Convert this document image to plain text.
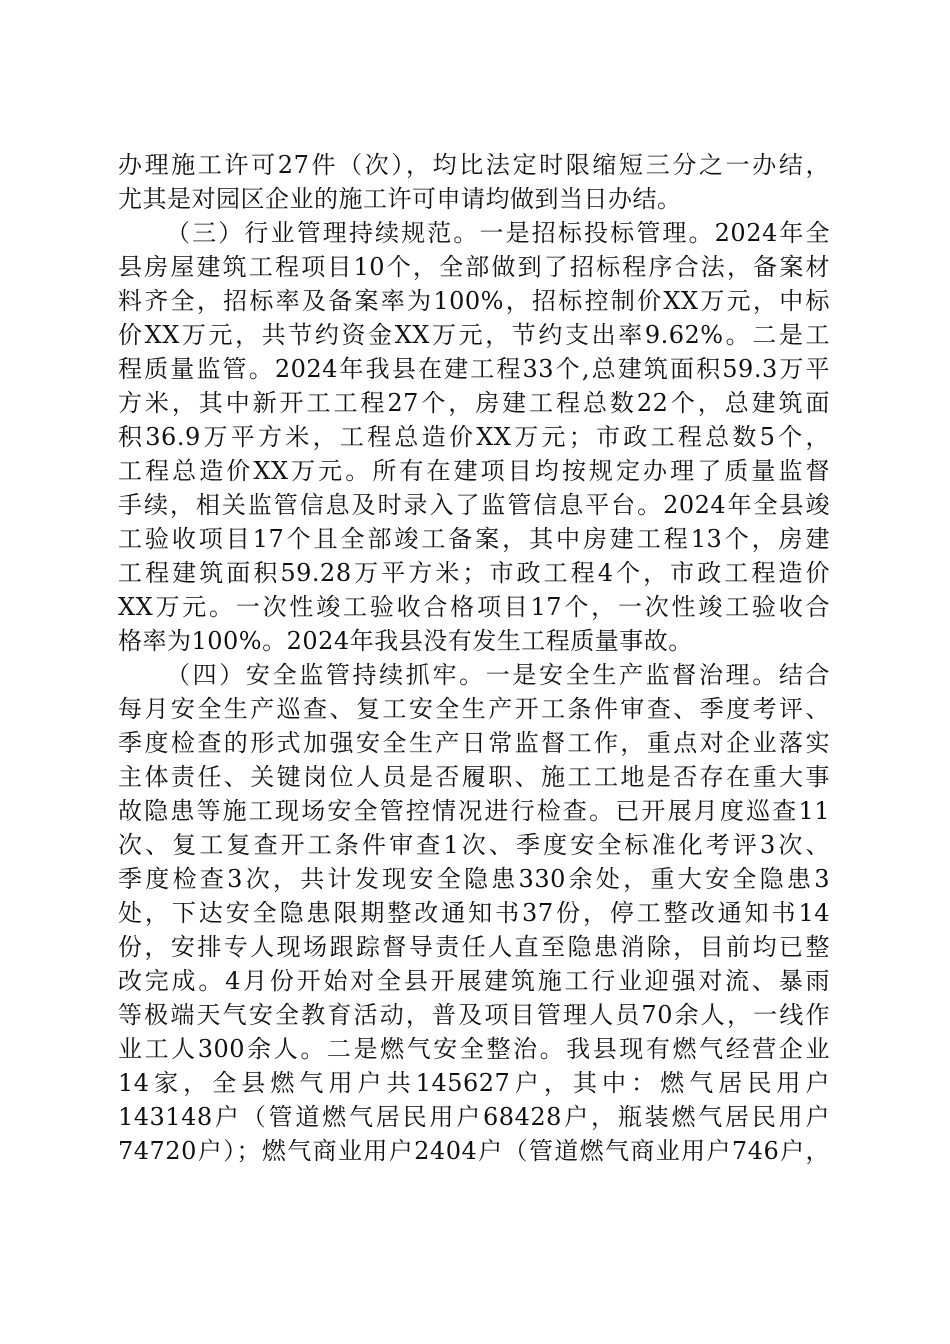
办理施工许可27件（次），均比法定时限缩短三分之一办结，
尤其是对园区企业的施工许可申请均做到当日办结。
（三）行业管理持续规范。一是招标投标管理。2024年全
县房屋建筑工程项目10个，全部做到了招标程序合法，备案材
料齐全，招标率及备案率为100%，招标控制价XX万元，中标
价XX万元，共节约资金XX万元，节约支出率9.62%。二是工
程质量监管。2024年我县在建工程33个,总建筑面积59.3万平
方米，其中新开工工程27个，房建工程总数22个，总建筑面
积36.9万平方米，工程总造价XX万元；市政工程总数5个，
工程总造价XX万元。所有在建项目均按规定办理了质量监督
手续，相关监管信息及时录入了监管信息平台。2024年全县竣
工验收项目17个且全部竣工备案，其中房建工程13个，房建
工程建筑面积59.28万平方米；市政工程4个，市政工程造价
XX万元。一次性竣工验收合格项目17个，一次性竣工验收合
格率为100%。2024年我县没有发生工程质量事故。
（四）安全监管持续抓牢。一是安全生产监督治理。结合
每月安全生产巡查、复工安全生产开工条件审查、季度考评、
季度检查的形式加强安全生产日常监督工作，重点对企业落实
主体责任、关键岗位人员是否履职、施工工地是否存在重大事
故隐患等施工现场安全管控情况进行检查。已开展月度巡查11
次、复工复查开工条件审查1次、季度安全标准化考评3次、
季度检查3次，共计发现安全隐患330余处，重大安全隐患3
处，下达安全隐患限期整改通知书37份，停工整改通知书14
份，安排专人现场跟踪督导责任人直至隐患消除，目前均已整
改完成。4月份开始对全县开展建筑施工行业迎强对流、暴雨
等极端天气安全教育活动，普及项目管理人员70余人，一线作
业工人300余人。二是燃气安全整治。我县现有燃气经营企业
14家，全县燃气用户共145627户，其中：燃气居民用户
143148户（管道燃气居民用户68428户，瓶装燃气居民用户
74720户）；燃气商业用户2404户（管道燃气商业用户746户，
